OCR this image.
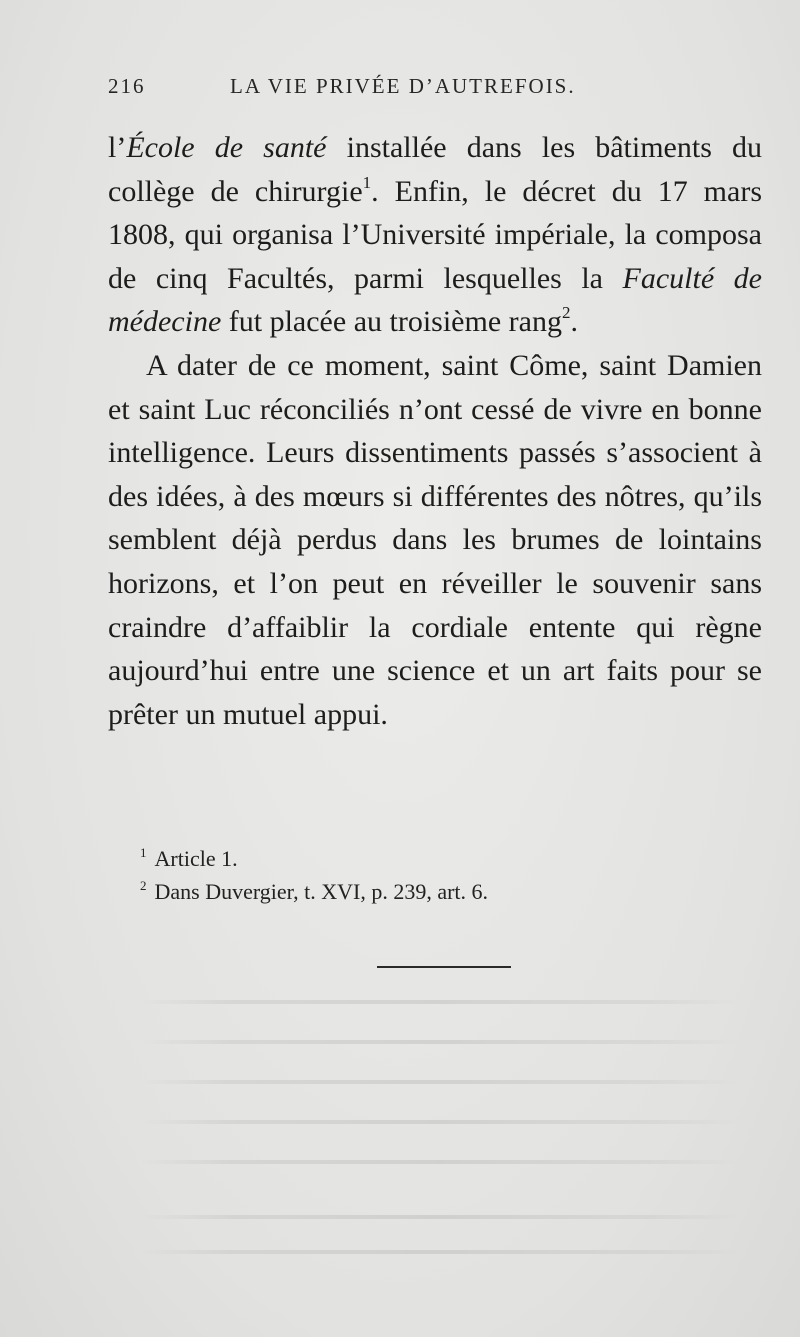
216	LA VIE PRIVÉE D’AUTREFOIS.

l’École de santé installée dans les bâtiments du collège de chirurgie$^1$. Enfin, le décret du 17 mars 1808, qui organisa l’Université impériale, la composa de cinq Facultés, parmi lesquelles la Faculté de médecine fut placée au troisième rang$^2$.

A dater de ce moment, saint Côme, saint Damien et saint Luc réconciliés n’ont cessé de vivre en bonne intelligence. Leurs dissentiments passés s’associent à des idées, à des mœurs si différentes des nôtres, qu’ils semblent déjà perdus dans les brumes de lointains horizons, et l’on peut en réveiller le souvenir sans craindre d’affaiblir la cordiale entente qui règne aujourd’hui entre une science et un art faits pour se prêter un mutuel appui.

$^1$ Article 1.
$^2$ Dans Duvergier, t. XVI, p. 239, art. 6.
